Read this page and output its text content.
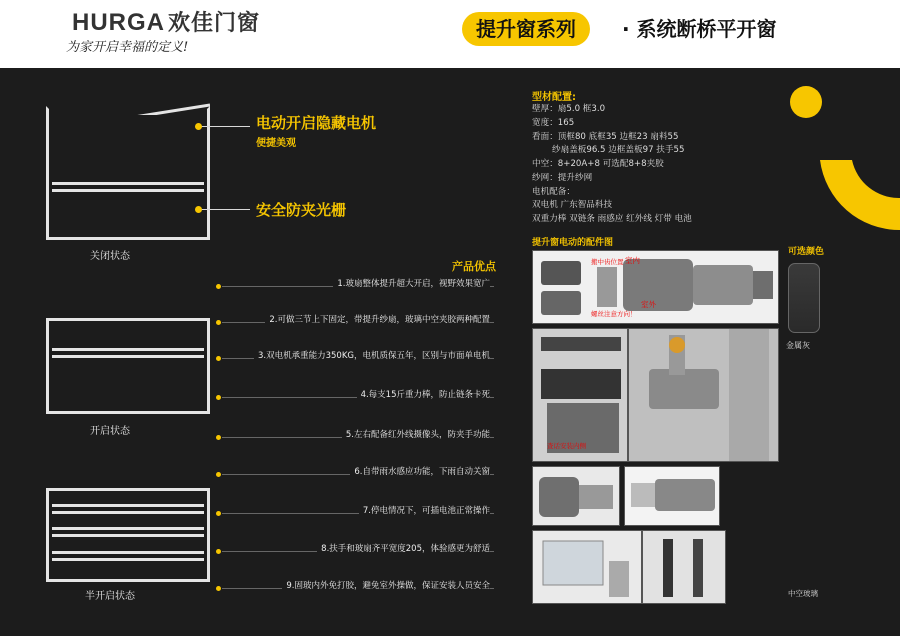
HURGA 欢佳门窗
为家开启幸福的定义!
提升窗系列	· 系统断桥平开窗
关闭状态
开启状态
半开启状态
电动开启隐藏电机
便捷美观
安全防夹光栅
产品优点
1.玻扇整体提升超大开启，视野效果宽广
2.可做三节上下固定，带提升纱扇，玻璃中空夹胶两种配置
3.双电机承重能力350KG，电机质保五年，区别与市面单电机
4.每支15斤重力棒，防止链条卡死
5.左右配备红外线摄像头，防夹手功能
6.自带雨水感应功能，下雨自动关窗
7.停电情况下，可插电池正常操作
8.扶手和玻扇齐平宽度205，体验感更为舒适
9.固玻内外免打胶，避免室外操做，保证安装人员安全
型材配置:
壁厚：扇5.0 框3.0
宽度：165
看面：顶框80 底框35 边框23 扇料55
纱扇盖板96.5 边框盖板97 扶手55
中空：8+20A+8 可选配8+8夹胶
纱网：提升纱网
电机配备：
双电机 广东智品科技
双重力棒 双链条 雨感应 红外线 灯带 电池
提升窗电动的配件图
室内
室外
搬中齿位置
螺丝注意方向！
查话安装内侧
可选颜色
金属灰
中空玻璃
